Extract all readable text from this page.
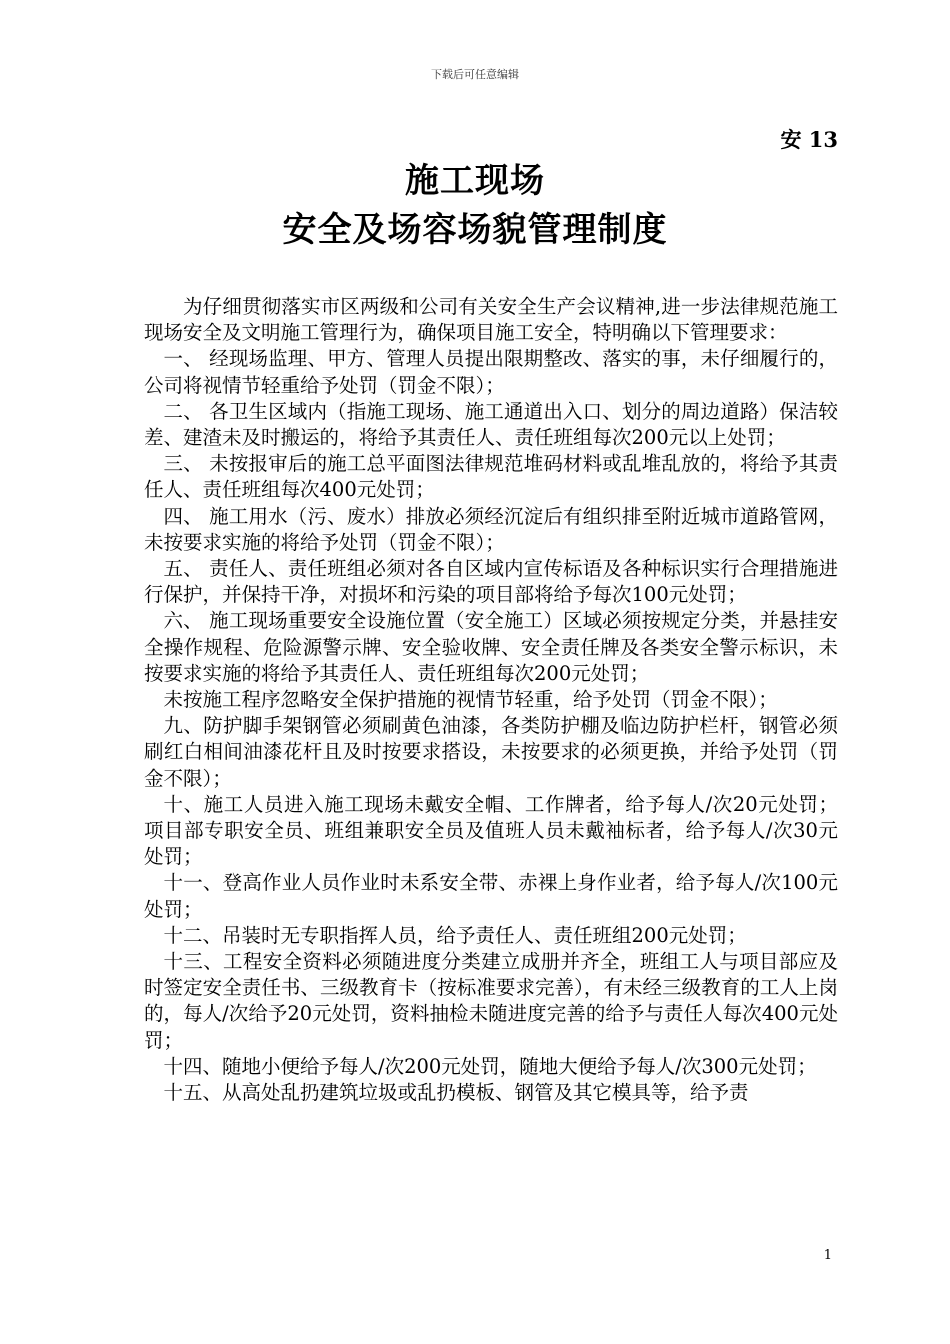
下载后可任意编辑
安 13
施工现场
安全及场容场貌管理制度

为仔细贯彻落实市区两级和公司有关安全生产会议精神,进一步法律规范施工现场安全及文明施工管理行为，确保项目施工安全，特明确以下管理要求：

一、 经现场监理、甲方、管理人员提出限期整改、落实的事，未仔细履行的，公司将视情节轻重给予处罚（罚金不限）；

二、 各卫生区域内（指施工现场、施工通道出入口、划分的周边道路）保洁较差、建渣未及时搬运的，将给予其责任人、责任班组每次200元以上处罚；

三、 未按报审后的施工总平面图法律规范堆码材料或乱堆乱放的，将给予其责任人、责任班组每次400元处罚；

四、 施工用水（污、废水）排放必须经沉淀后有组织排至附近城市道路管网，未按要求实施的将给予处罚（罚金不限）；

五、 责任人、责任班组必须对各自区域内宣传标语及各种标识实行合理措施进行保护，并保持干净，对损坏和污染的项目部将给予每次100元处罚；

六、 施工现场重要安全设施位置（安全施工）区域必须按规定分类，并悬挂安全操作规程、危险源警示牌、安全验收牌、安全责任牌及各类安全警示标识，未按要求实施的将给予其责任人、责任班组每次200元处罚；

未按施工程序忽略安全保护措施的视情节轻重，给予处罚（罚金不限）；

九、防护脚手架钢管必须刷黄色油漆，各类防护棚及临边防护栏杆，钢管必须刷红白相间油漆花杆且及时按要求搭设，未按要求的必须更换，并给予处罚（罚金不限）；

十、施工人员进入施工现场未戴安全帽、工作牌者，给予每人/次20元处罚；项目部专职安全员、班组兼职安全员及值班人员未戴袖标者，给予每人/次30元处罚；

十一、登高作业人员作业时未系安全带、赤裸上身作业者，给予每人/次100元处罚；

十二、吊装时无专职指挥人员，给予责任人、责任班组200元处罚；

十三、工程安全资料必须随进度分类建立成册并齐全，班组工人与项目部应及时签定安全责任书、三级教育卡（按标准要求完善），有未经三级教育的工人上岗的，每人/次给予20元处罚，资料抽检未随进度完善的给予与责任人每次400元处罚；

十四、随地小便给予每人/次200元处罚，随地大便给予每人/次300元处罚；

十五、从高处乱扔建筑垃圾或乱扔模板、钢管及其它模具等，给予责

1
